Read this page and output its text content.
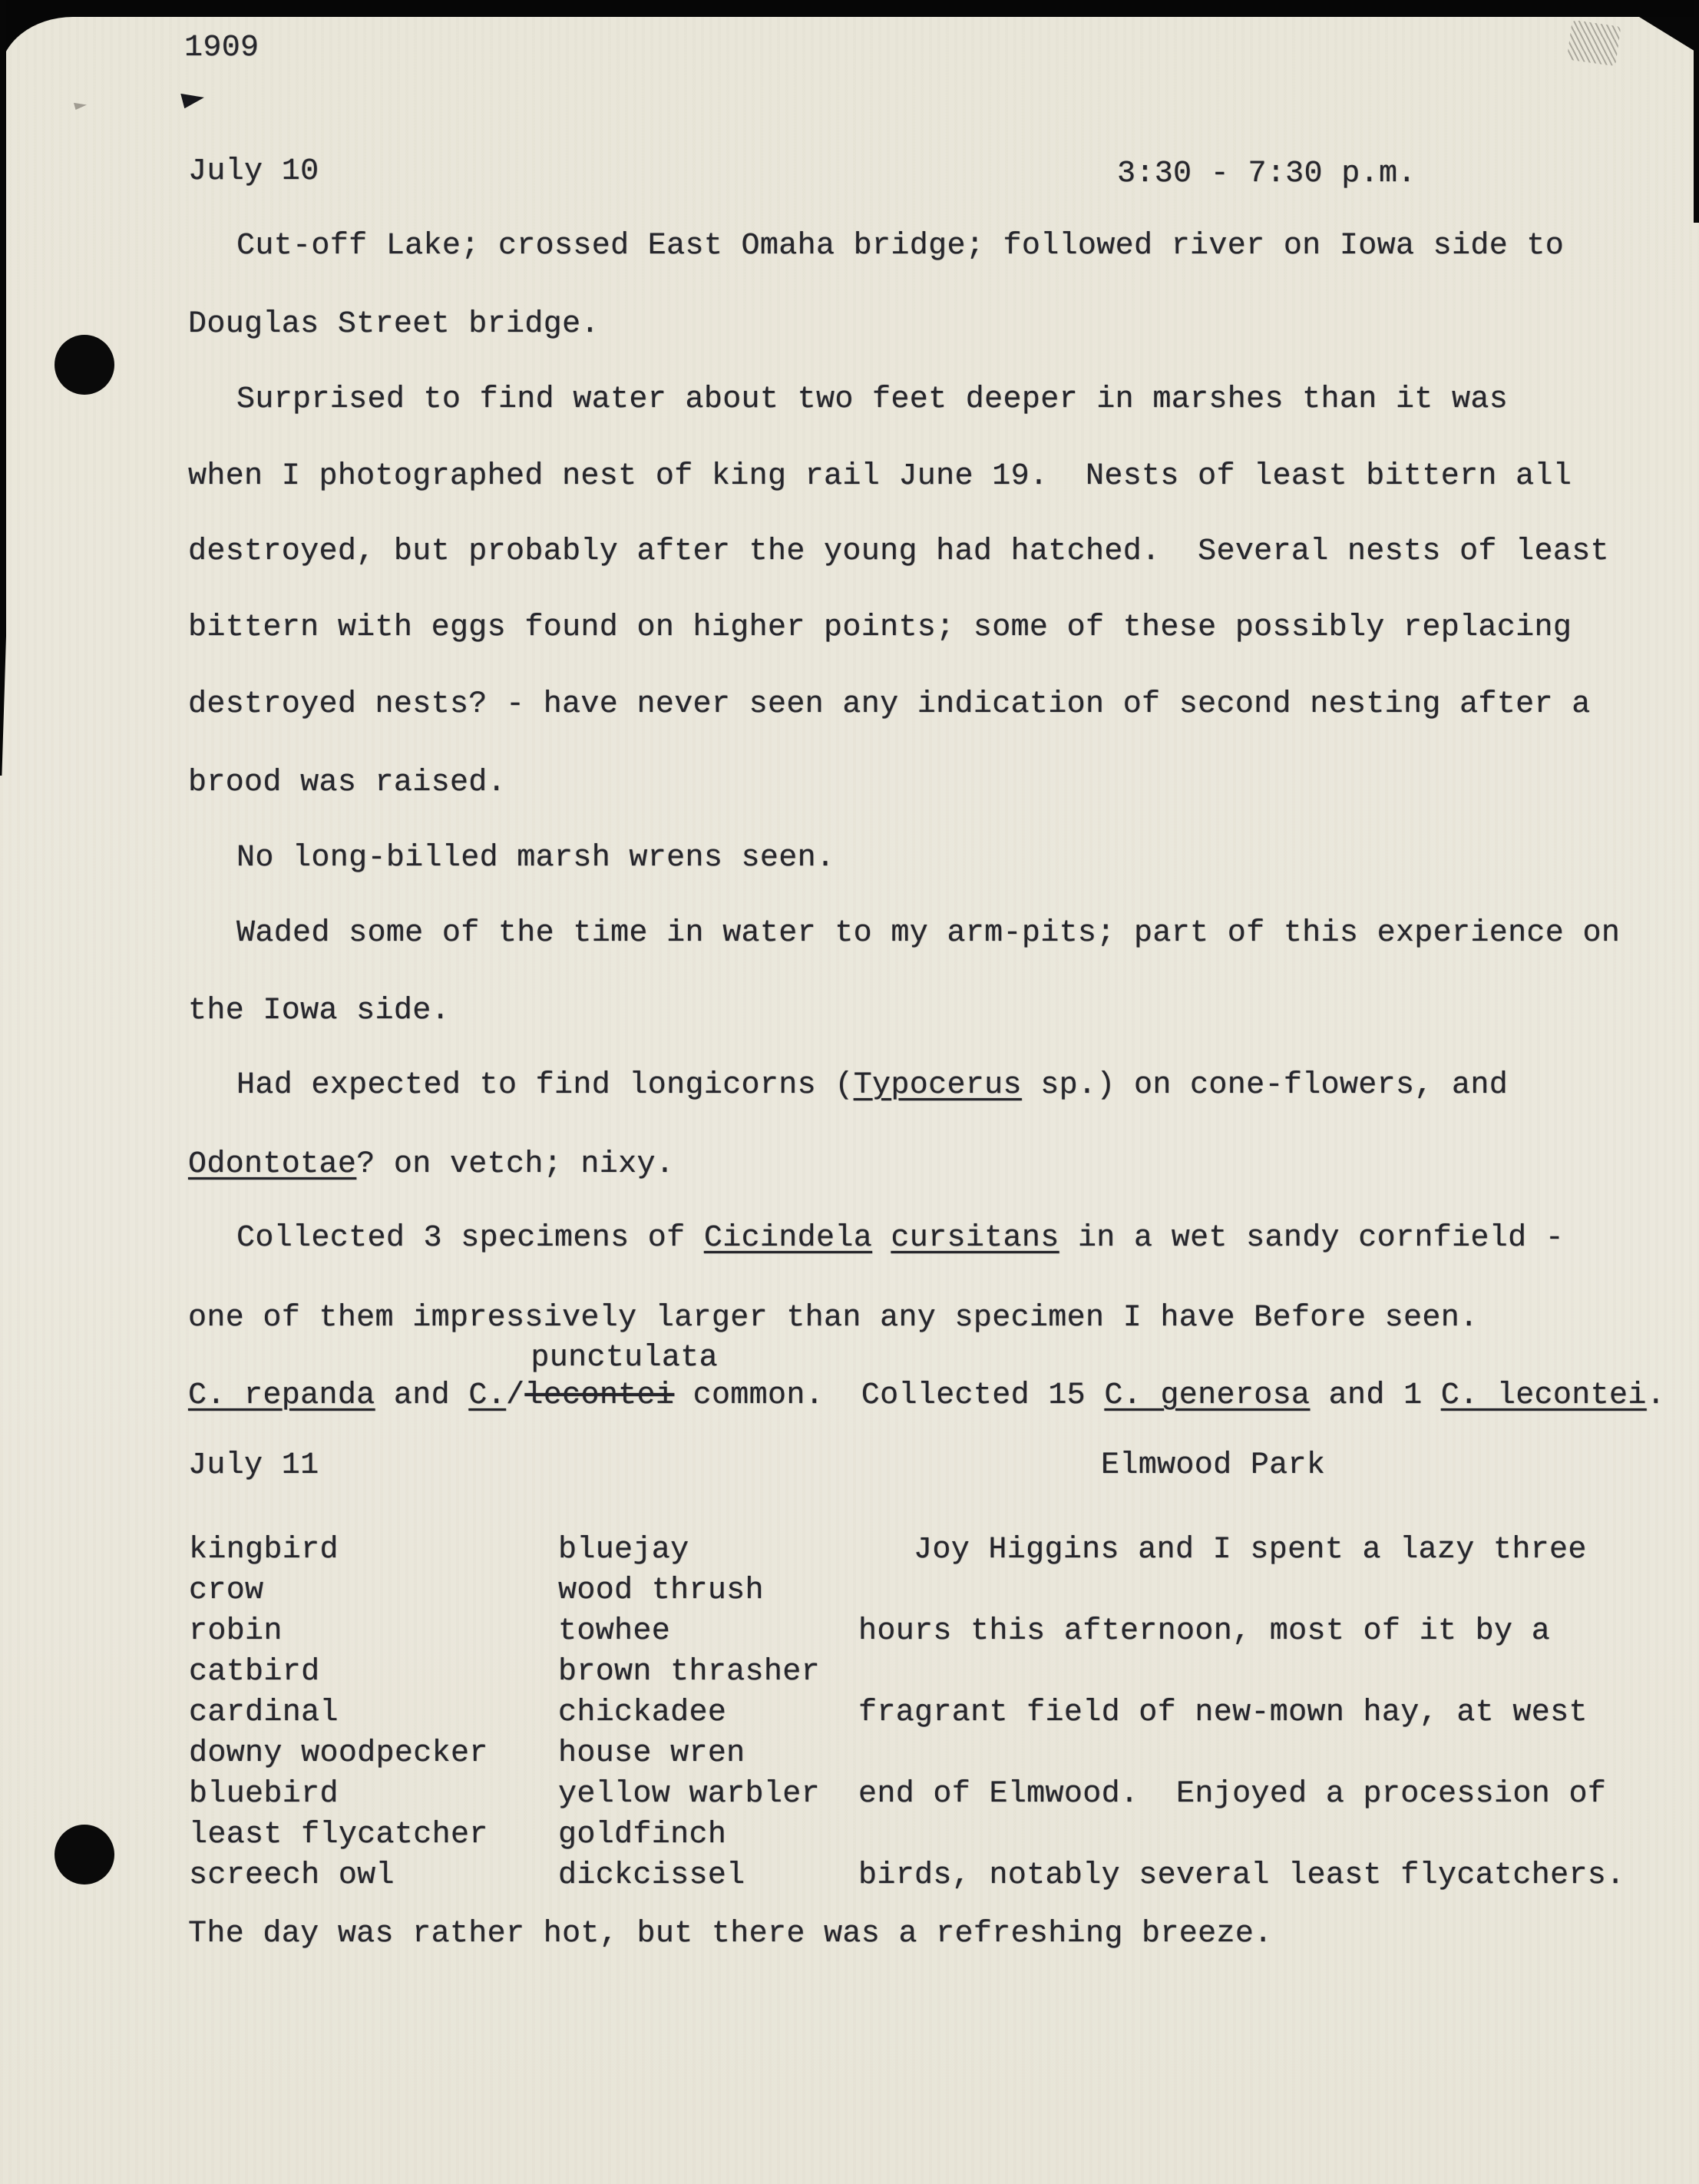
1909
July 10	3:30 - 7:30 p.m.
Cut-off Lake; crossed East Omaha bridge; followed river on Iowa side to
Douglas Street bridge.
Surprised to find water about two feet deeper in marshes than it was
when I photographed nest of king rail June 19.  Nests of least bittern all
destroyed, but probably after the young had hatched.  Several nests of least
bittern with eggs found on higher points; some of these possibly replacing
destroyed nests? - have never seen any indication of second nesting after a
brood was raised.
No long-billed marsh wrens seen.
Waded some of the time in water to my arm-pits; part of this experience on
the Iowa side.
Had expected to find longicorns (Typocerus sp.) on cone-flowers, and
Odontotae? on vetch; nixy.
Collected 3 specimens of Cicindela cursitans in a wet sandy cornfield -
one of them impressively larger than any specimen I have Before seen.
C. repanda and C./
punctulata
lecontei common.  Collected 15 C. generosa and 1 C. lecontei.
July 11	Elmwood Park
kingbird
crow
robin
catbird
cardinal
downy woodpecker
bluebird
least flycatcher
screech owl
bluejay
wood thrush
towhee
brown thrasher
chickadee
house wren
yellow warbler
goldfinch
dickcissel
Joy Higgins and I spent a lazy three
hours this afternoon, most of it by a
fragrant field of new-mown hay, at west
end of Elmwood.  Enjoyed a procession of
birds, notably several least flycatchers.
The day was rather hot, but there was a refreshing breeze.
